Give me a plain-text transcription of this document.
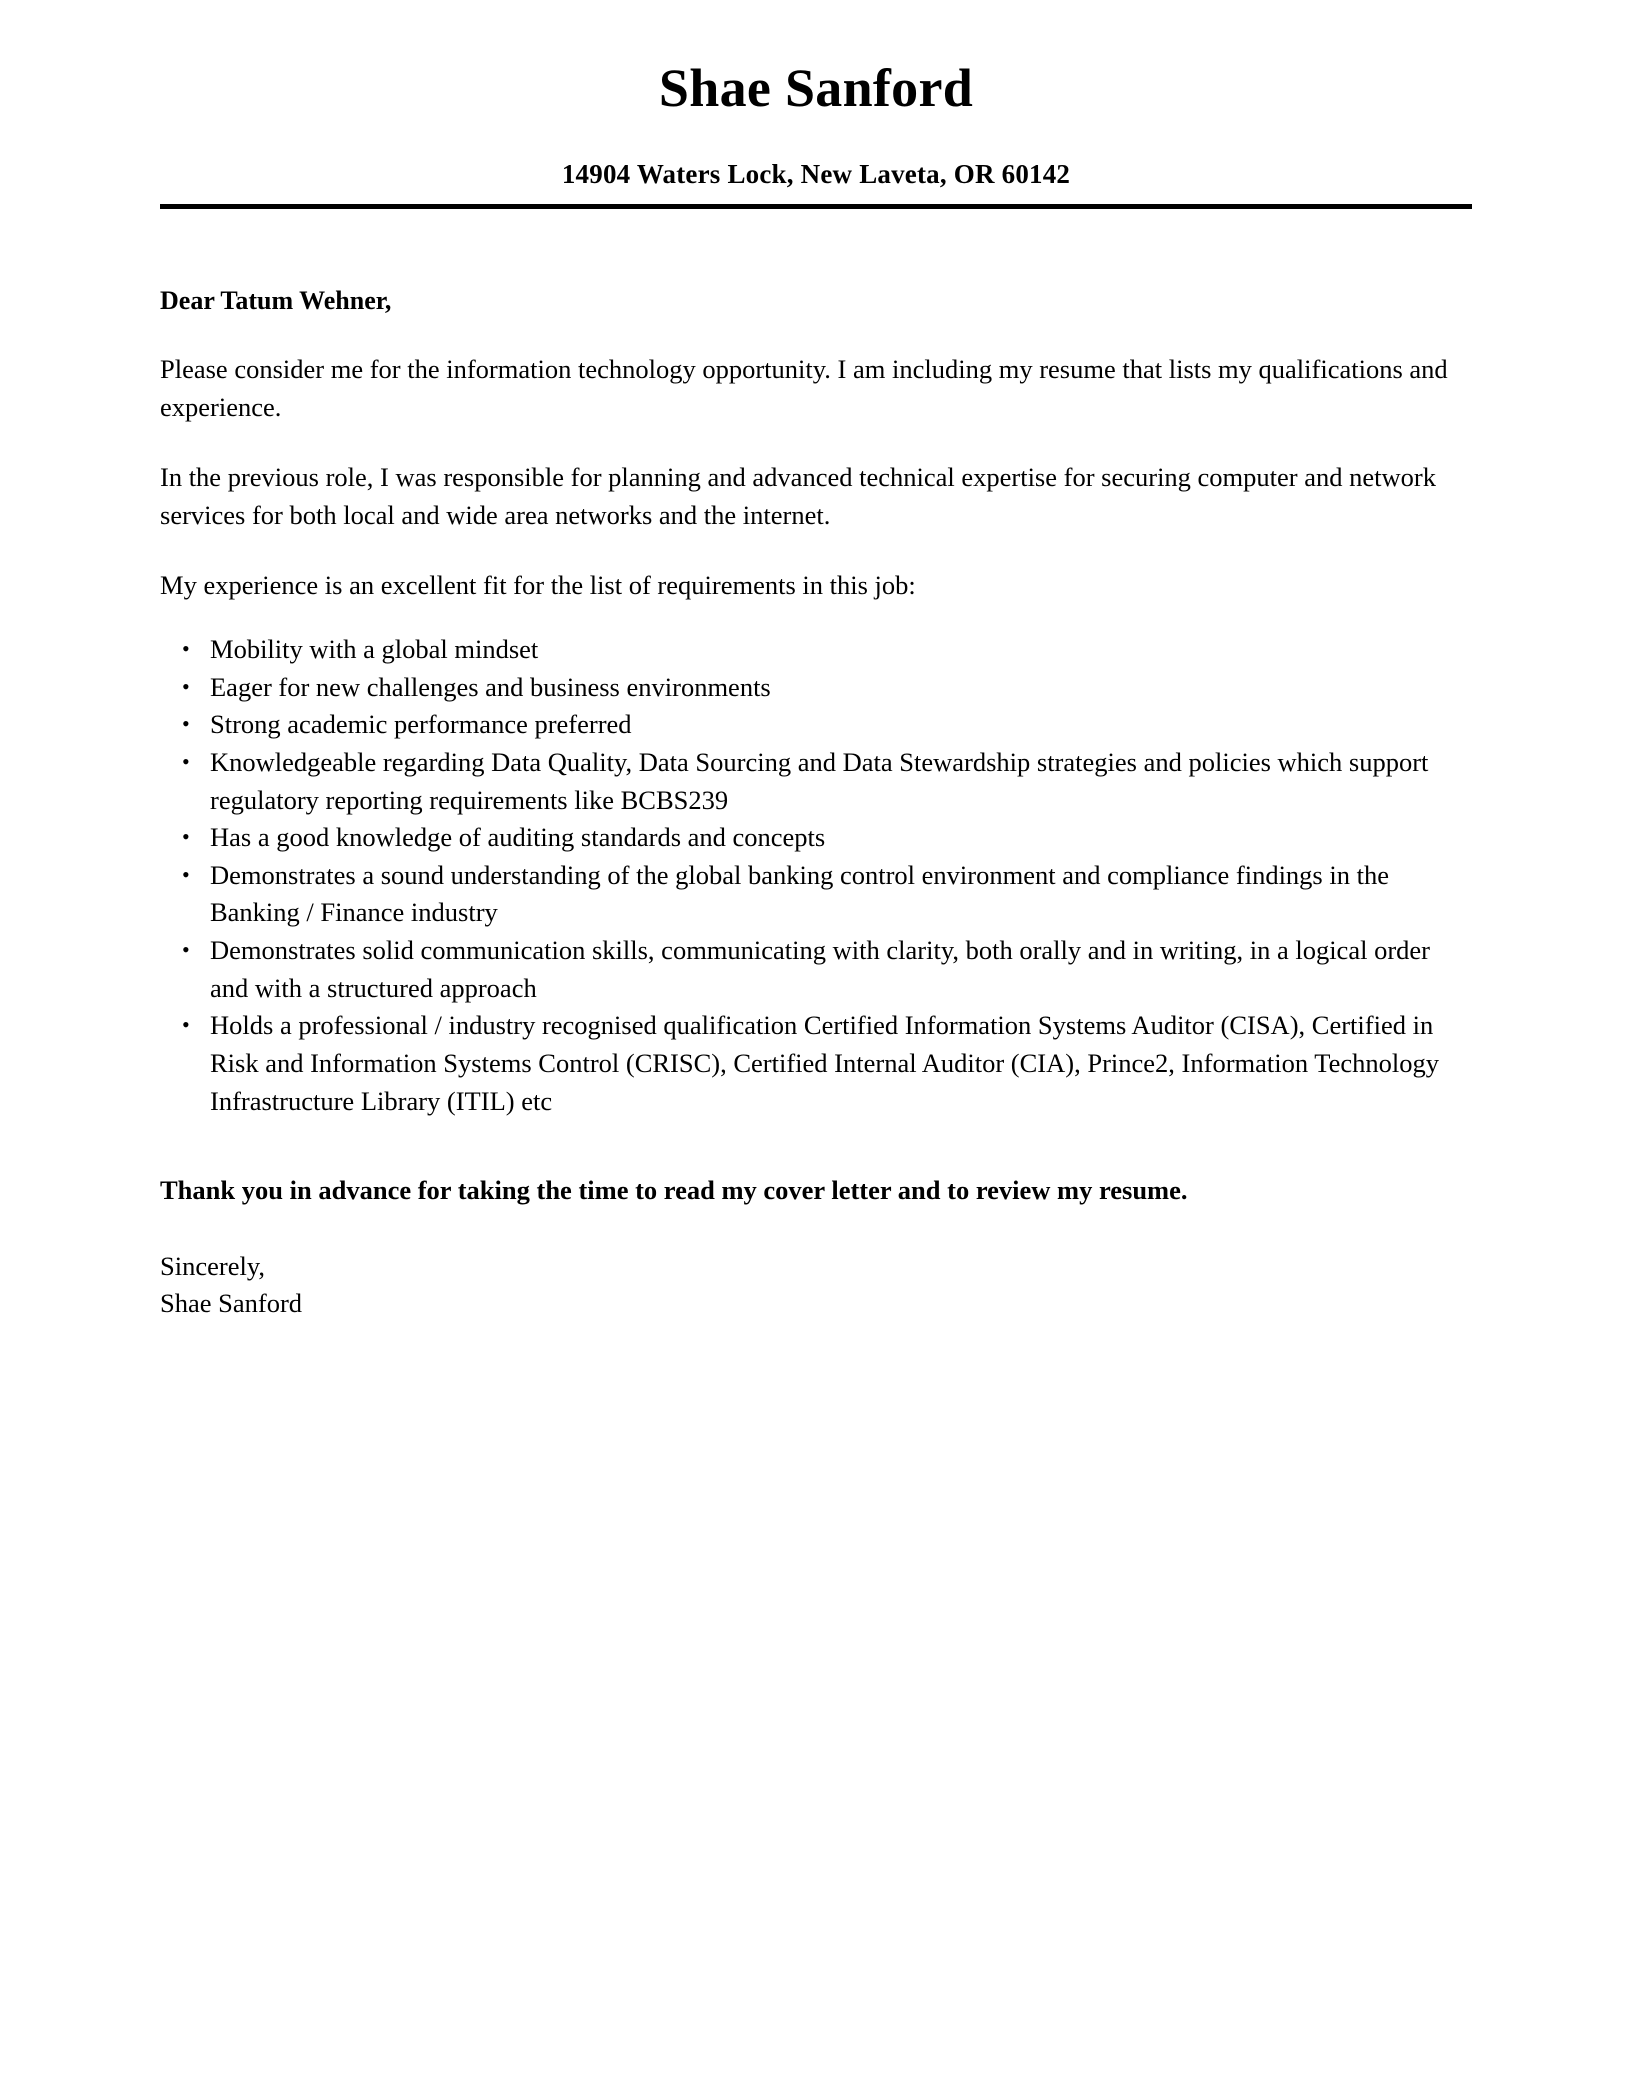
Shae Sanford
14904 Waters Lock, New Laveta, OR 60142
Dear Tatum Wehner,

Please consider me for the information technology opportunity. I am including my resume that lists my qualifications and experience.

In the previous role, I was responsible for planning and advanced technical expertise for securing computer and network services for both local and wide area networks and the internet.

My experience is an excellent fit for the list of requirements in this job:

• Mobility with a global mindset
• Eager for new challenges and business environments
• Strong academic performance preferred
• Knowledgeable regarding Data Quality, Data Sourcing and Data Stewardship strategies and policies which support regulatory reporting requirements like BCBS239
• Has a good knowledge of auditing standards and concepts
• Demonstrates a sound understanding of the global banking control environment and compliance findings in the Banking / Finance industry
• Demonstrates solid communication skills, communicating with clarity, both orally and in writing, in a logical order and with a structured approach
• Holds a professional / industry recognised qualification Certified Information Systems Auditor (CISA), Certified in Risk and Information Systems Control (CRISC), Certified Internal Auditor (CIA), Prince2, Information Technology Infrastructure Library (ITIL) etc

Thank you in advance for taking the time to read my cover letter and to review my resume.

Sincerely,
Shae Sanford
